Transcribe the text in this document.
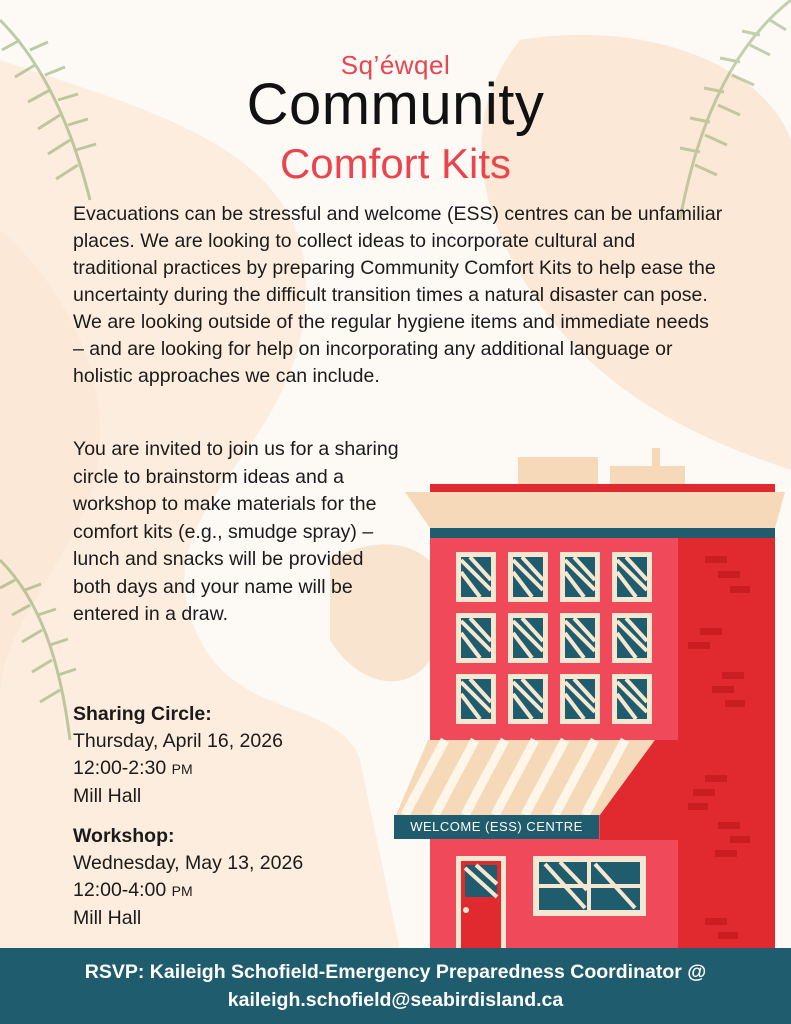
Sq’éwqel
Community
Comfort Kits
Evacuations can be stressful and welcome (ESS) centres can be unfamiliar places. We are looking to collect ideas to incorporate cultural and traditional practices by preparing Community Comfort Kits to help ease the uncertainty during the difficult transition times a natural disaster can pose. We are looking outside of the regular hygiene items and immediate needs – and are looking for help on incorporating any additional language or holistic approaches we can include.
You are invited to join us for a sharing circle to brainstorm ideas and a workshop to make materials for the comfort kits (e.g., smudge spray) – lunch and snacks will be provided both days and your name will be entered in a draw.
Sharing Circle:
Thursday, April 16, 2026
12:00-2:30 PM
Mill Hall
Workshop:
Wednesday, May 13, 2026
12:00-4:00 PM
Mill Hall
WELCOME (ESS) CENTRE
RSVP: Kaileigh Schofield-Emergency Preparedness Coordinator @
kaileigh.schofield@seabirdisland.ca
